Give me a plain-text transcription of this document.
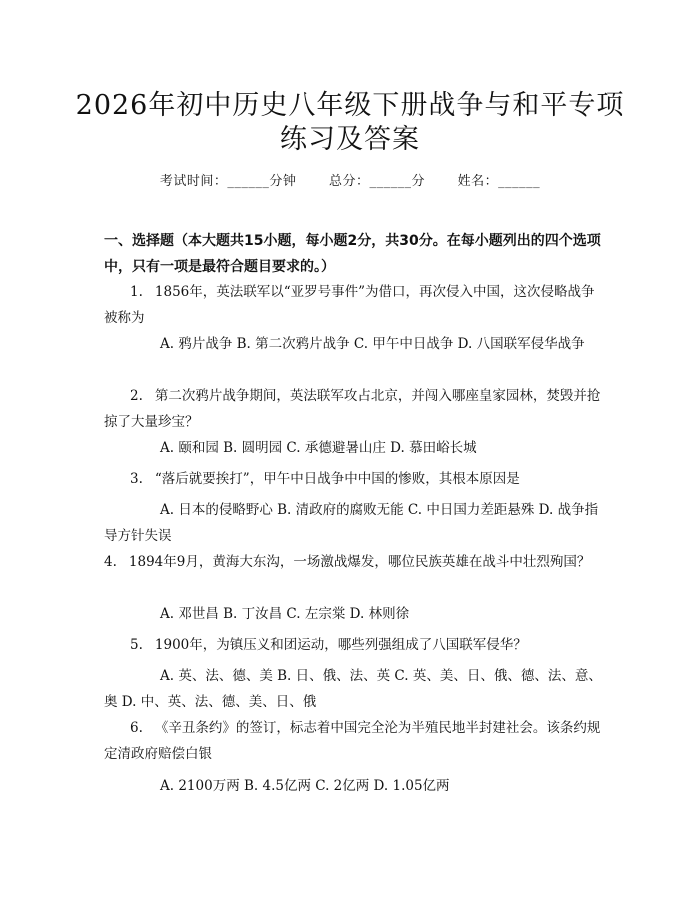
2026年初中历史八年级下册战争与和平专项
练习及答案
考试时间：______分钟	总分：______分	姓名：______
一、选择题（本大题共15小题，每小题2分，共30分。在每小题列出的四个选项中，只有一项是最符合题目要求的。）
1. 1856年，英法联军以“亚罗号事件”为借口，再次侵入中国，这次侵略战争被称为
A. 鸦片战争 B. 第二次鸦片战争 C. 甲午中日战争 D. 八国联军侵华战争
2. 第二次鸦片战争期间，英法联军攻占北京，并闯入哪座皇家园林，焚毁并抢掠了大量珍宝？
A. 颐和园 B. 圆明园 C. 承德避暑山庄 D. 慕田峪长城
3. “落后就要挨打”，甲午中日战争中中国的惨败，其根本原因是
A. 日本的侵略野心 B. 清政府的腐败无能 C. 中日国力差距悬殊 D. 战争指导方针失误
4. 1894年9月，黄海大东沟，一场激战爆发，哪位民族英雄在战斗中壮烈殉国？
A. 邓世昌 B. 丁汝昌 C. 左宗棠 D. 林则徐
5. 1900年，为镇压义和团运动，哪些列强组成了八国联军侵华？
A. 英、法、德、美 B. 日、俄、法、英 C. 英、美、日、俄、德、法、意、奥 D. 中、英、法、德、美、日、俄
6. 《辛丑条约》的签订，标志着中国完全沦为半殖民地半封建社会。该条约规定清政府赔偿白银
A. 2100万两 B. 4.5亿两 C. 2亿两 D. 1.05亿两
